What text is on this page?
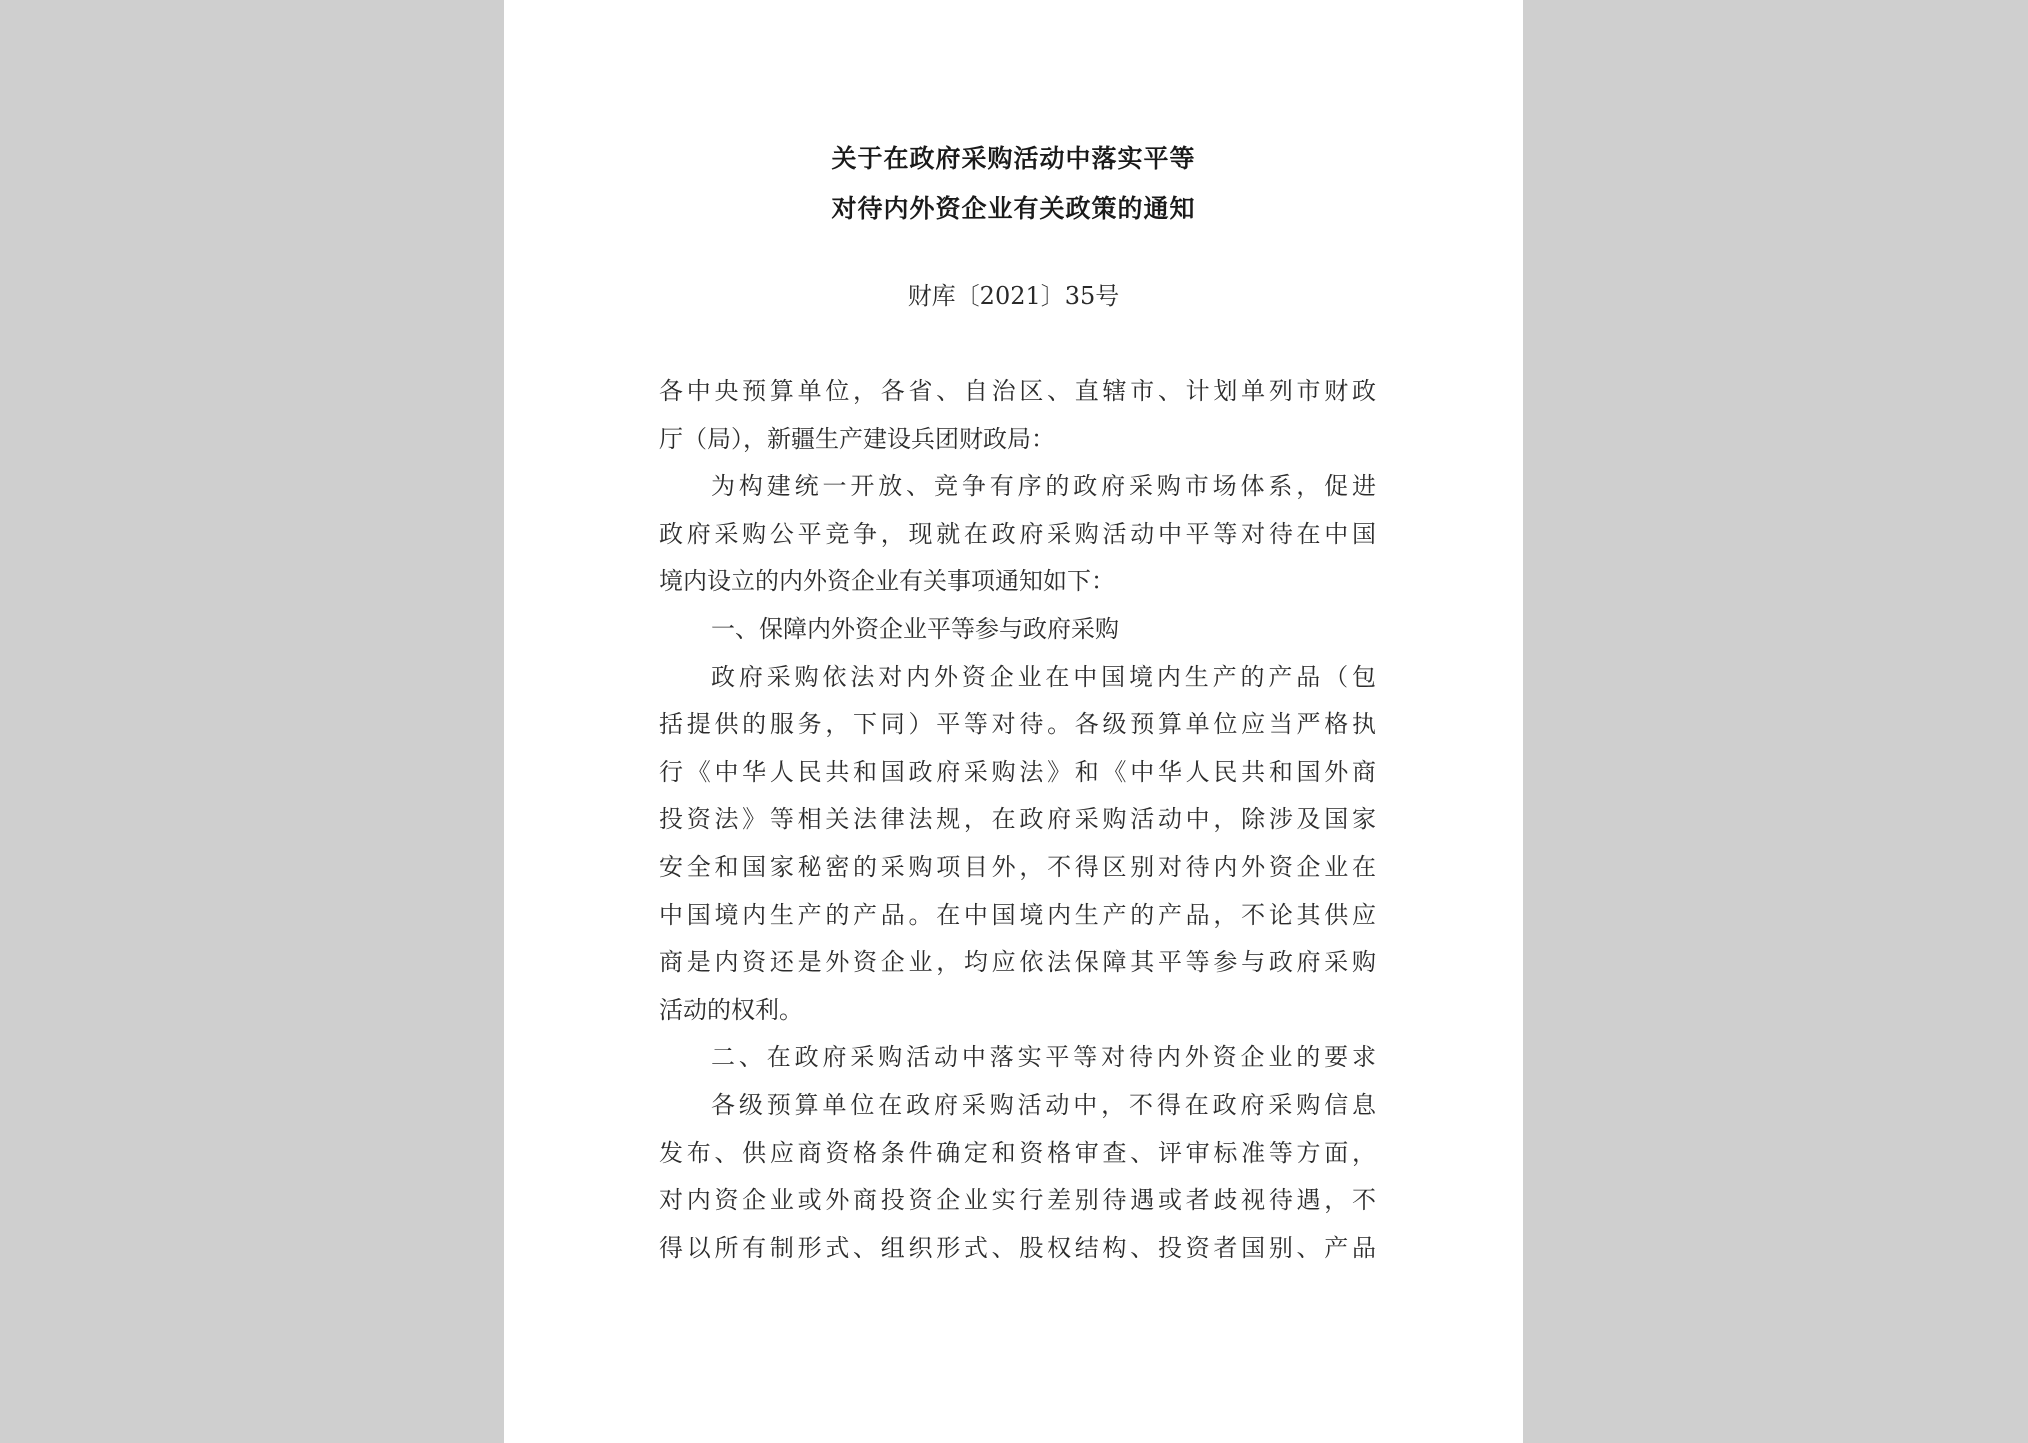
关于在政府采购活动中落实平等
对待内外资企业有关政策的通知
财库〔2021〕35号
各中央预算单位，各省、自治区、直辖市、计划单列市财政
厅（局），新疆生产建设兵团财政局：
为构建统一开放、竞争有序的政府采购市场体系，促进
政府采购公平竞争，现就在政府采购活动中平等对待在中国
境内设立的内外资企业有关事项通知如下：
一、保障内外资企业平等参与政府采购
政府采购依法对内外资企业在中国境内生产的产品（包
括提供的服务，下同）平等对待。各级预算单位应当严格执
行《中华人民共和国政府采购法》和《中华人民共和国外商
投资法》等相关法律法规，在政府采购活动中，除涉及国家
安全和国家秘密的采购项目外，不得区别对待内外资企业在
中国境内生产的产品。在中国境内生产的产品，不论其供应
商是内资还是外资企业，均应依法保障其平等参与政府采购
活动的权利。
二、在政府采购活动中落实平等对待内外资企业的要求
各级预算单位在政府采购活动中，不得在政府采购信息
发布、供应商资格条件确定和资格审查、评审标准等方面，
对内资企业或外商投资企业实行差别待遇或者歧视待遇，不
得以所有制形式、组织形式、股权结构、投资者国别、产品
